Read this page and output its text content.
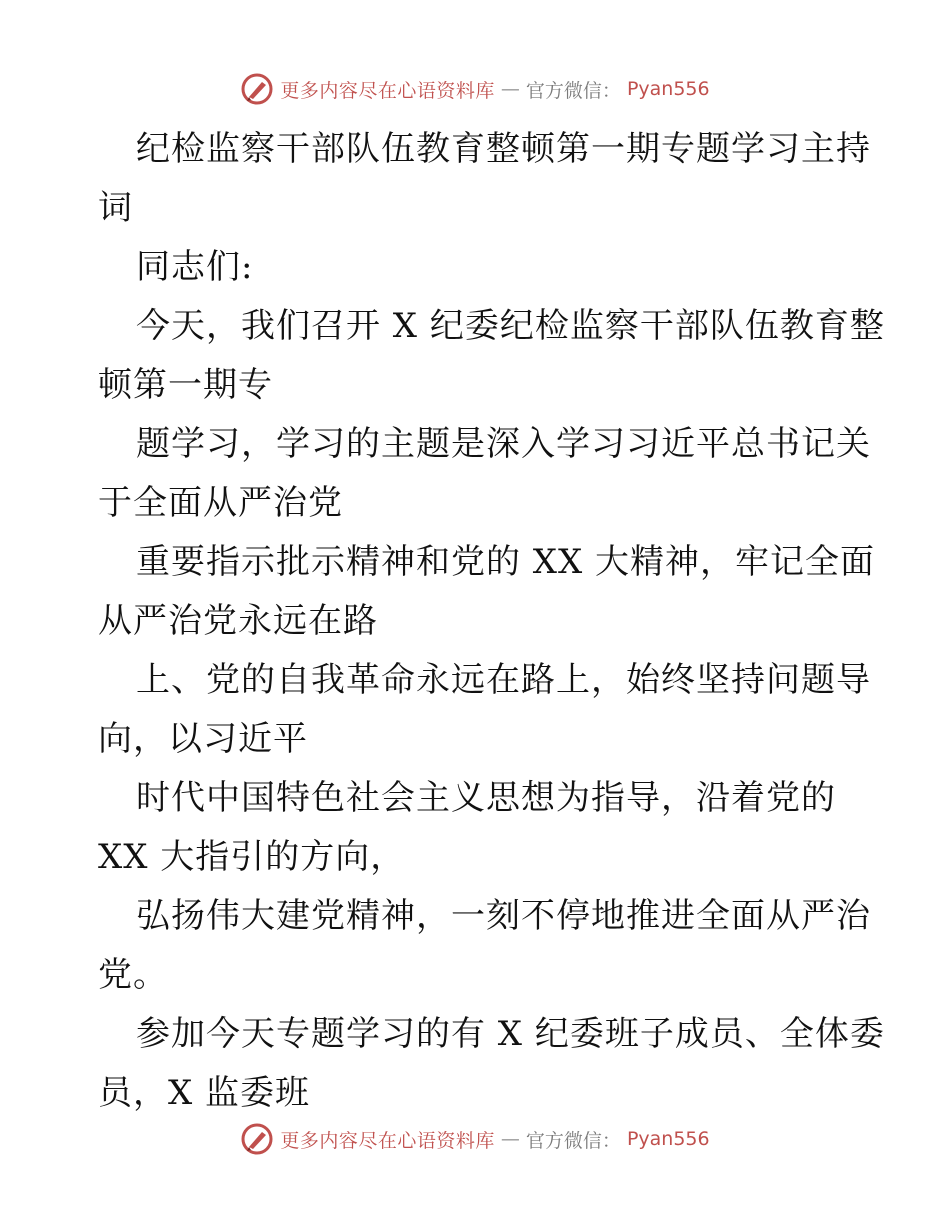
更多内容尽在心语资料库 — 官方微信： Pyan556
纪检监察干部队伍教育整顿第一期专题学习主持
词
同志们:
今天，我们召开 X 纪委纪检监察干部队伍教育整
顿第一期专
题学习，学习的主题是深入学习习近平总书记关
于全面从严治党
重要指示批示精神和党的 XX 大精神，牢记全面
从严治党永远在路
上、党的自我革命永远在路上，始终坚持问题导
向，以习近平
时代中国特色社会主义思想为指导，沿着党的
XX 大指引的方向，
弘扬伟大建党精神，一刻不停地推进全面从严治
党。
参加今天专题学习的有 X 纪委班子成员、全体委
员，X 监委班
更多内容尽在心语资料库 — 官方微信： Pyan556
